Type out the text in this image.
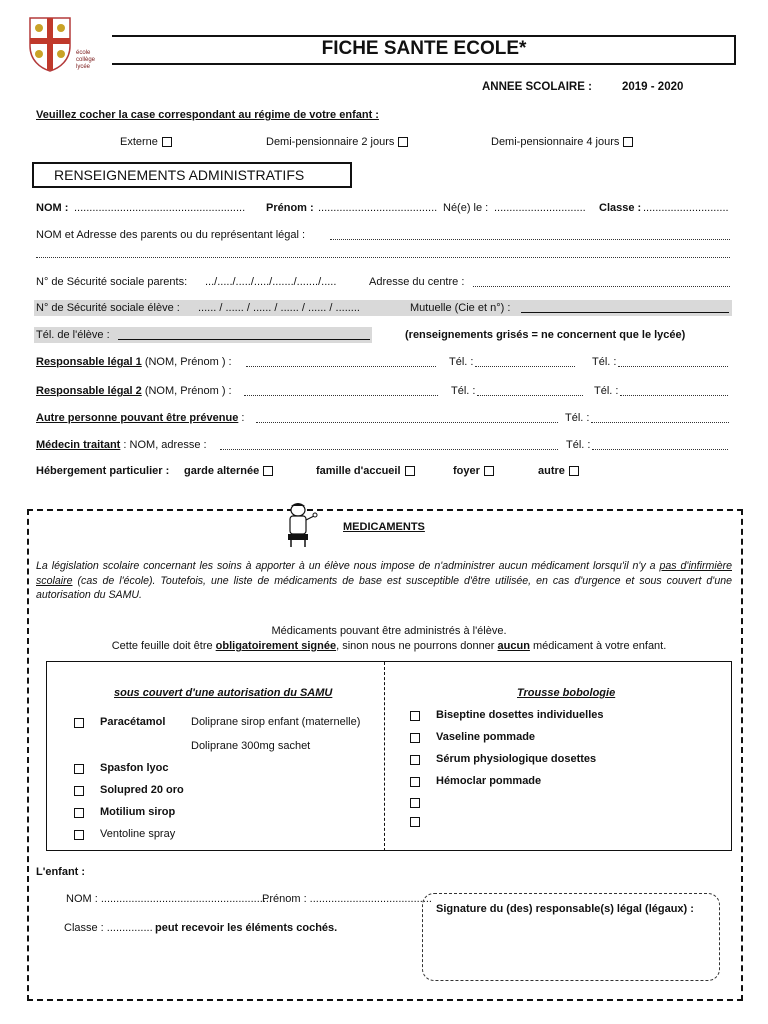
école
collège
lycée
FICHE SANTE ECOLE*
ANNEE SCOLAIRE :	2019 - 2020
Veuillez cocher la case correspondant au régime de votre enfant :
Externe	Demi-pensionnaire 2 jours	Demi-pensionnaire 4 jours
RENSEIGNEMENTS ADMINISTRATIFS
NOM : ........................................................ Prénom : ....................................... Né(e) le : .............................. Classe : ............................
NOM et Adresse des parents ou du représentant légal :
N° de Sécurité sociale parents: .../...../...../...../......./......./.....	Adresse du centre :
N° de Sécurité sociale élève : ...... / ...... / ...... / ...... / ...... / ........	Mutuelle (Cie et n°) :
Tél. de l'élève :	(renseignements grisés = ne concernent que le lycée)
Responsable légal 1 (NOM, Prénom ) :	Tél. :	Tél. :
Responsable légal 2 (NOM, Prénom ) :	Tél. :	Tél. :
Autre personne pouvant être prévenue :	Tél. :
Médecin traitant : NOM, adresse :	Tél. :
Hébergement particulier : garde alternée	famille d'accueil	foyer	autre
MEDICAMENTS
La législation scolaire concernant les soins à apporter à un élève nous impose de n'administrer aucun médicament lorsqu'il n'y a pas d'infirmière scolaire (cas de l'école). Toutefois, une liste de médicaments de base est susceptible d'être utilisée, en cas d'urgence et sous couvert d'une autorisation du SAMU.
Médicaments pouvant être administrés à l'élève.
Cette feuille doit être obligatoirement signée, sinon nous ne pourrons donner aucun médicament à votre enfant.
sous couvert d'une autorisation du SAMU
Paracétamol Doliprane sirop enfant (maternelle)
Doliprane 300mg sachet
Spasfon lyoc
Solupred 20 oro
Motilium sirop
Ventoline spray
Trousse bobologie
Biseptine dosettes individuelles
Vaseline pommade
Sérum physiologique dosettes
Hémoclar pommade
L'enfant :
NOM : ........................................................
Prénom : ........................................
Classe : ............... peut recevoir les éléments cochés.
Signature du (des) responsable(s) légal (légaux) :
